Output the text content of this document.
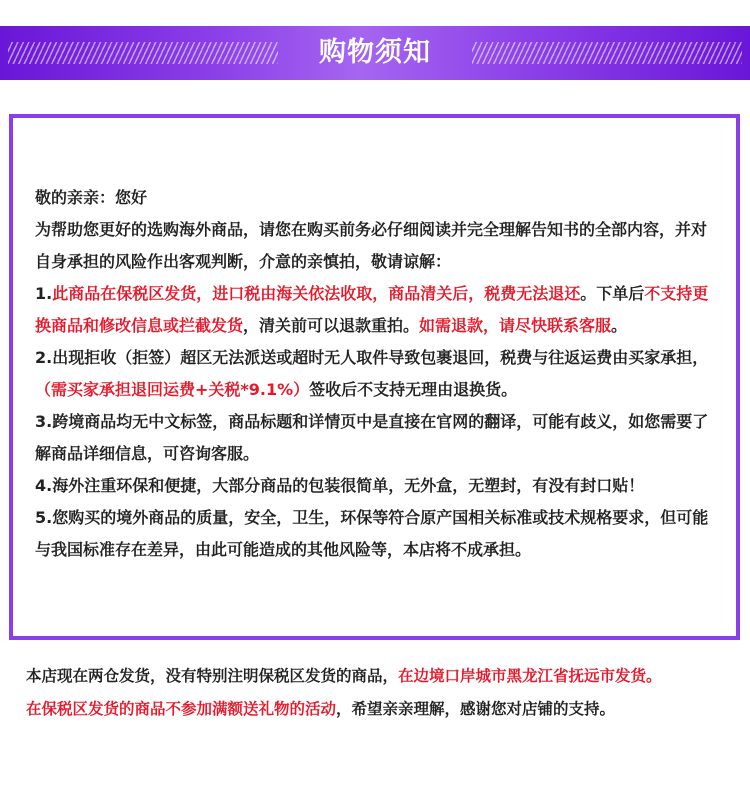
购物须知

敬的亲亲：您好

为帮助您更好的选购海外商品，请您在购买前务必仔细阅读并完全理解告知书的全部内容，并对自身承担的风险作出客观判断，介意的亲慎拍，敬请谅解：

1.此商品在保税区发货，进口税由海关依法收取，商品清关后，税费无法退还。下单后不支持更换商品和修改信息或拦截发货，清关前可以退款重拍。如需退款，请尽快联系客服。

2.出现拒收（拒签）超区无法派送或超时无人取件导致包裹退回，税费与往返运费由买家承担，（需买家承担退回运费+关税*9.1%）签收后不支持无理由退换货。

3.跨境商品均无中文标签，商品标题和详情页中是直接在官网的翻译，可能有歧义，如您需要了解商品详细信息，可咨询客服。

4.海外注重环保和便捷，大部分商品的包装很简单，无外盒，无塑封，有没有封口贴！

5.您购买的境外商品的质量，安全，卫生，环保等符合原产国相关标准或技术规格要求，但可能与我国标准存在差异，由此可能造成的其他风险等，本店将不成承担。

本店现在两仓发货，没有特别注明保税区发货的商品，在边境口岸城市黑龙江省抚远市发货。

在保税区发货的商品不参加满额送礼物的活动，希望亲亲理解，感谢您对店铺的支持。
